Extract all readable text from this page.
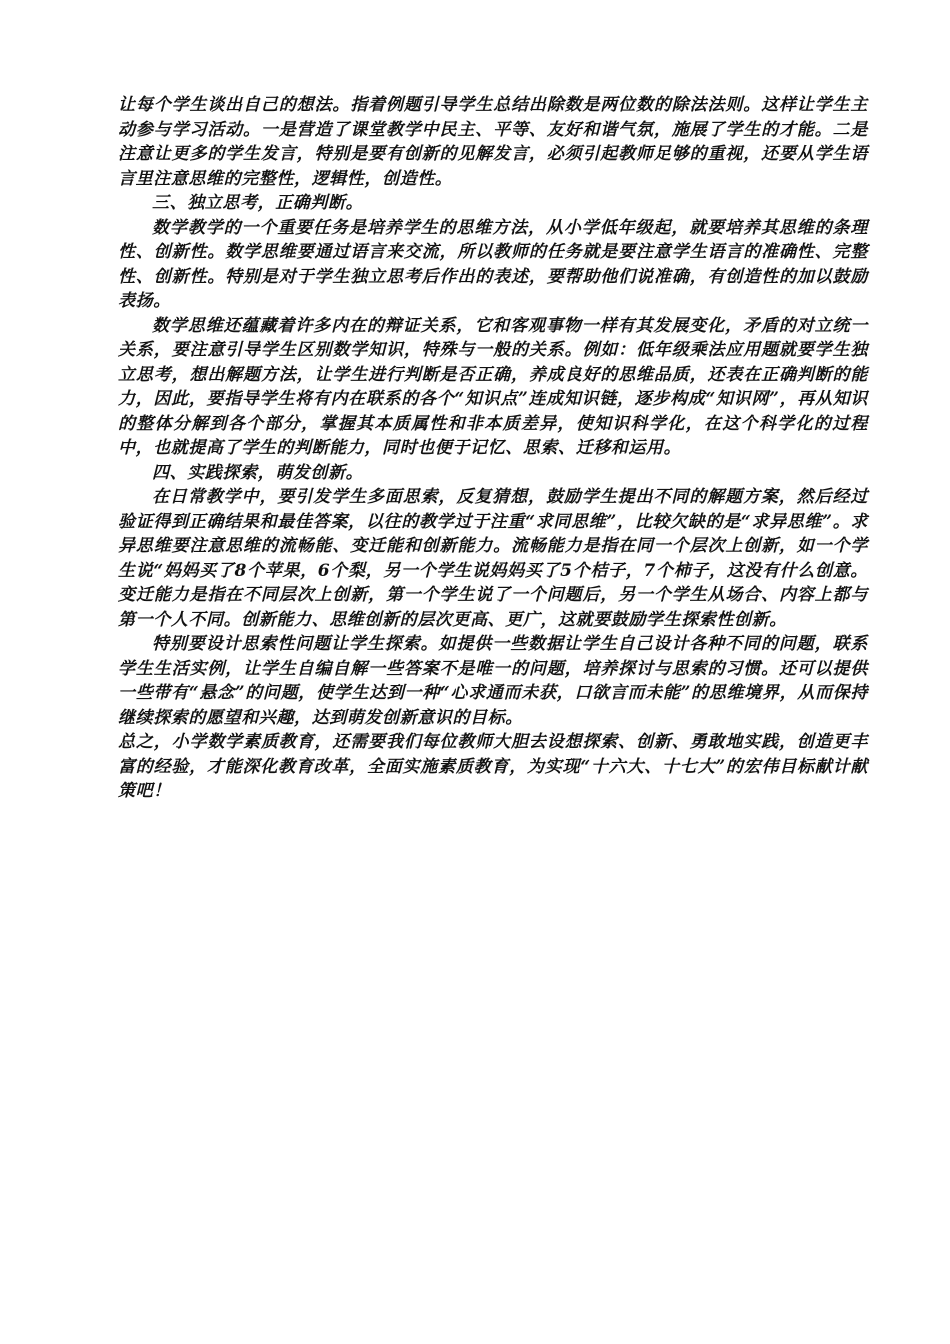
让每个学生谈出自己的想法。指着例题引导学生总结出除数是两位数的除法法则。这样让学生主动参与学习活动。一是营造了课堂教学中民主、平等、友好和谐气氛，施展了学生的才能。二是注意让更多的学生发言，特别是要有创新的见解发言，必须引起教师足够的重视，还要从学生语言里注意思维的完整性，逻辑性，创造性。

三、独立思考，正确判断。

数学教学的一个重要任务是培养学生的思维方法，从小学低年级起，就要培养其思维的条理性、创新性。数学思维要通过语言来交流，所以教师的任务就是要注意学生语言的准确性、完整性、创新性。特别是对于学生独立思考后作出的表述，要帮助他们说准确，有创造性的加以鼓励表扬。

数学思维还蕴藏着许多内在的辩证关系，它和客观事物一样有其发展变化，矛盾的对立统一关系，要注意引导学生区别数学知识，特殊与一般的关系。例如：低年级乘法应用题就要学生独立思考，想出解题方法，让学生进行判断是否正确，养成良好的思维品质，还表在正确判断的能力，因此，要指导学生将有内在联系的各个“知识点”连成知识链，逐步构成“知识网”，再从知识的整体分解到各个部分，掌握其本质属性和非本质差异，使知识科学化，在这个科学化的过程中，也就提高了学生的判断能力，同时也便于记忆、思索、迁移和运用。

四、实践探索，萌发创新。

在日常教学中，要引发学生多面思索，反复猜想，鼓励学生提出不同的解题方案，然后经过验证得到正确结果和最佳答案，以往的教学过于注重“求同思维”，比较欠缺的是“求异思维”。求异思维要注意思维的流畅能、变迁能和创新能力。流畅能力是指在同一个层次上创新，如一个学生说“妈妈买了8个苹果，6个梨，另一个学生说妈妈买了5个桔子，7个柿子，这没有什么创意。变迁能力是指在不同层次上创新，第一个学生说了一个问题后，另一个学生从场合、内容上都与第一个人不同。创新能力、思维创新的层次更高、更广，这就要鼓励学生探索性创新。

特别要设计思索性问题让学生探索。如提供一些数据让学生自己设计各种不同的问题，联系学生生活实例，让学生自编自解一些答案不是唯一的问题，培养探讨与思索的习惯。还可以提供一些带有“悬念”的问题，使学生达到一种“心求通而未获，口欲言而未能”的思维境界，从而保持继续探索的愿望和兴趣，达到萌发创新意识的目标。

总之，小学数学素质教育，还需要我们每位教师大胆去设想探索、创新、勇敢地实践，创造更丰富的经验，才能深化教育改革，全面实施素质教育，为实现“十六大、十七大”的宏伟目标献计献策吧！
